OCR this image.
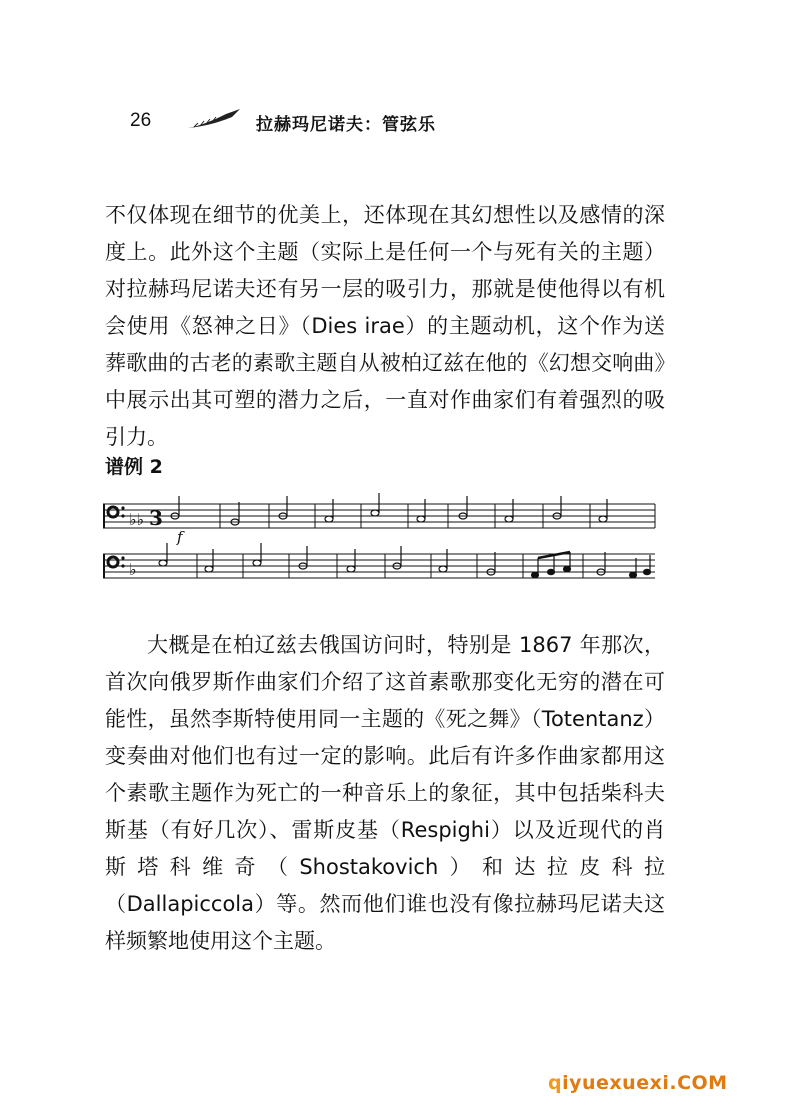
26	拉赫玛尼诺夫：管弦乐

不仅体现在细节的优美上，还体现在其幻想性以及感情的深度上。此外这个主题（实际上是任何一个与死有关的主题）对拉赫玛尼诺夫还有另一层的吸引力，那就是使他得以有机会使用《怒神之日》（Dies irae）的主题动机，这个作为送葬歌曲的古老的素歌主题自从被柏辽兹在他的《幻想交响曲》中展示出其可塑的潜力之后，一直对作曲家们有着强烈的吸引力。

谱例 2
♭♭ 3
f
♭

大概是在柏辽兹去俄国访问时，特别是 1867 年那次，首次向俄罗斯作曲家们介绍了这首素歌那变化无穷的潜在可能性，虽然李斯特使用同一主题的《死之舞》（Totentanz）变奏曲对他们也有过一定的影响。此后有许多作曲家都用这个素歌主题作为死亡的一种音乐上的象征，其中包括柴科夫斯基（有好几次）、雷斯皮基（Respighi）以及近现代的肖斯塔科维奇（Shostakovich）和达拉皮科拉（Dallapiccola）等。然而他们谁也没有像拉赫玛尼诺夫这样频繁地使用这个主题。

qiyuexuexi.COM
